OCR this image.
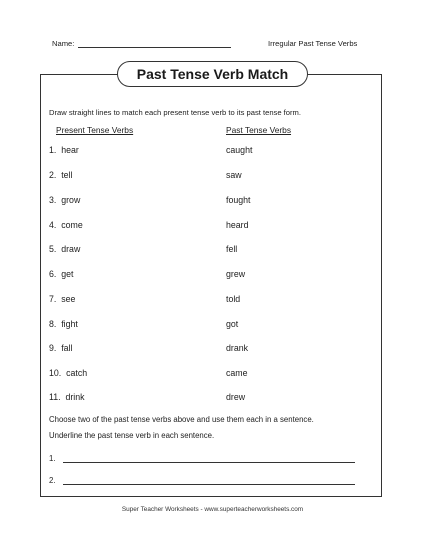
Name:	Irregular Past Tense Verbs
Past Tense Verb Match
Draw straight lines to match each present tense verb to its past tense form.
Present Tense Verbs	Past Tense Verbs
1.  hear	caught
2.  tell	saw
3.  grow	fought
4.  come	heard
5.  draw	fell
6.  get	grew
7.  see	told
8.  fight	got
9.  fall	drank
10.  catch	came
11.  drink	drew
Choose two of the past tense verbs above and use them each in a sentence.
Underline the past tense verb in each sentence.
1.
2.
Super Teacher Worksheets - www.superteacherworksheets.com
